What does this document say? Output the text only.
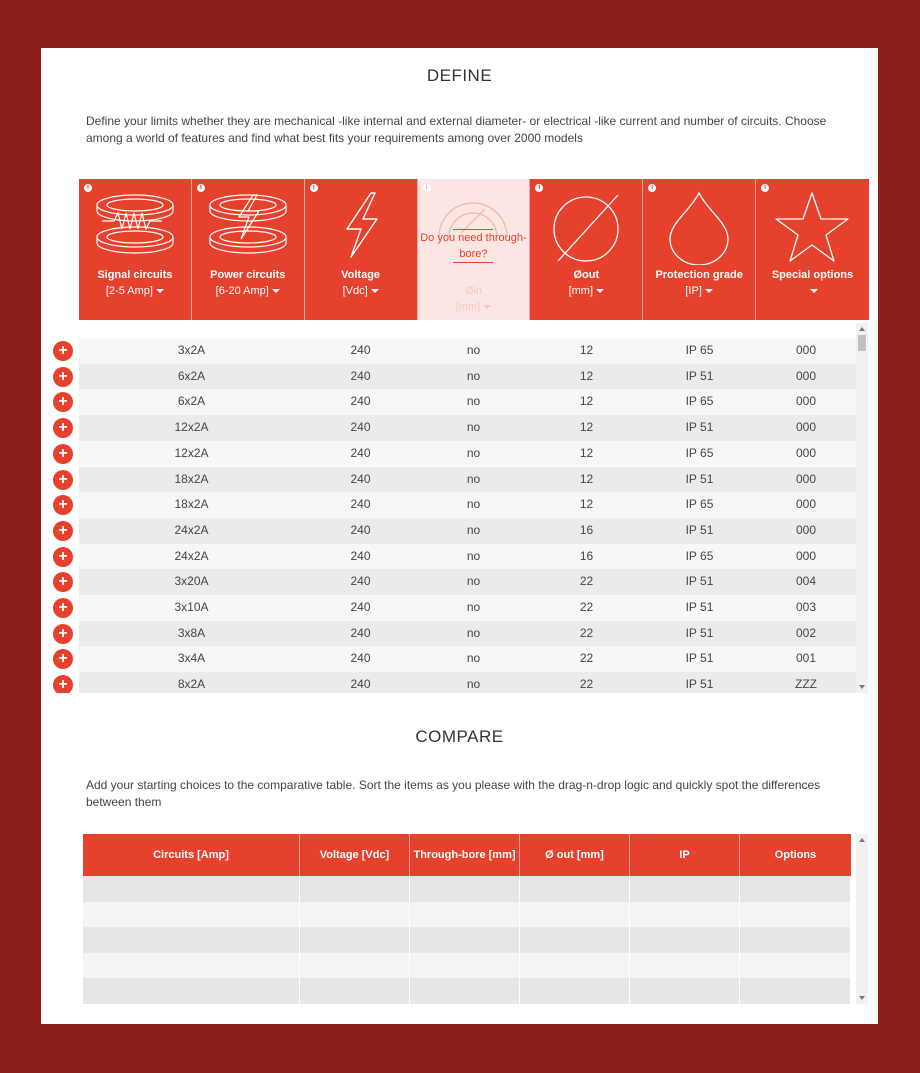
DEFINE
Define your limits whether they are mechanical -like internal and external diameter- or electrical -like current and number of circuits. Choose among a world of features and find what best fits your requirements among over 2000 models
i
Signal circuits
[2-5 Amp]
i
Power circuits
[6-20 Amp]
i
Voltage
[Vdc]
i
Do you need through-bore?
Øin
[mm]
i
Øout
[mm]
i
Protection grade
[IP]
i
Special options

+	3x2A	240	no	12	IP 65	000
+	6x2A	240	no	12	IP 51	000
+	6x2A	240	no	12	IP 65	000
+	12x2A	240	no	12	IP 51	000
+	12x2A	240	no	12	IP 65	000
+	18x2A	240	no	12	IP 51	000
+	18x2A	240	no	12	IP 65	000
+	24x2A	240	no	16	IP 51	000
+	24x2A	240	no	16	IP 65	000
+	3x20A	240	no	22	IP 51	004
+	3x10A	240	no	22	IP 51	003
+	3x8A	240	no	22	IP 51	002
+	3x4A	240	no	22	IP 51	001
+	8x2A	240	no	22	IP 51	ZZZ
COMPARE
Add your starting choices to the comparative table. Sort the items as you please with the drag-n-drop logic and quickly spot the differences between them
Circuits [Amp]	Voltage [Vdc]	Through-bore [mm]	Ø out [mm]	IP	Options
